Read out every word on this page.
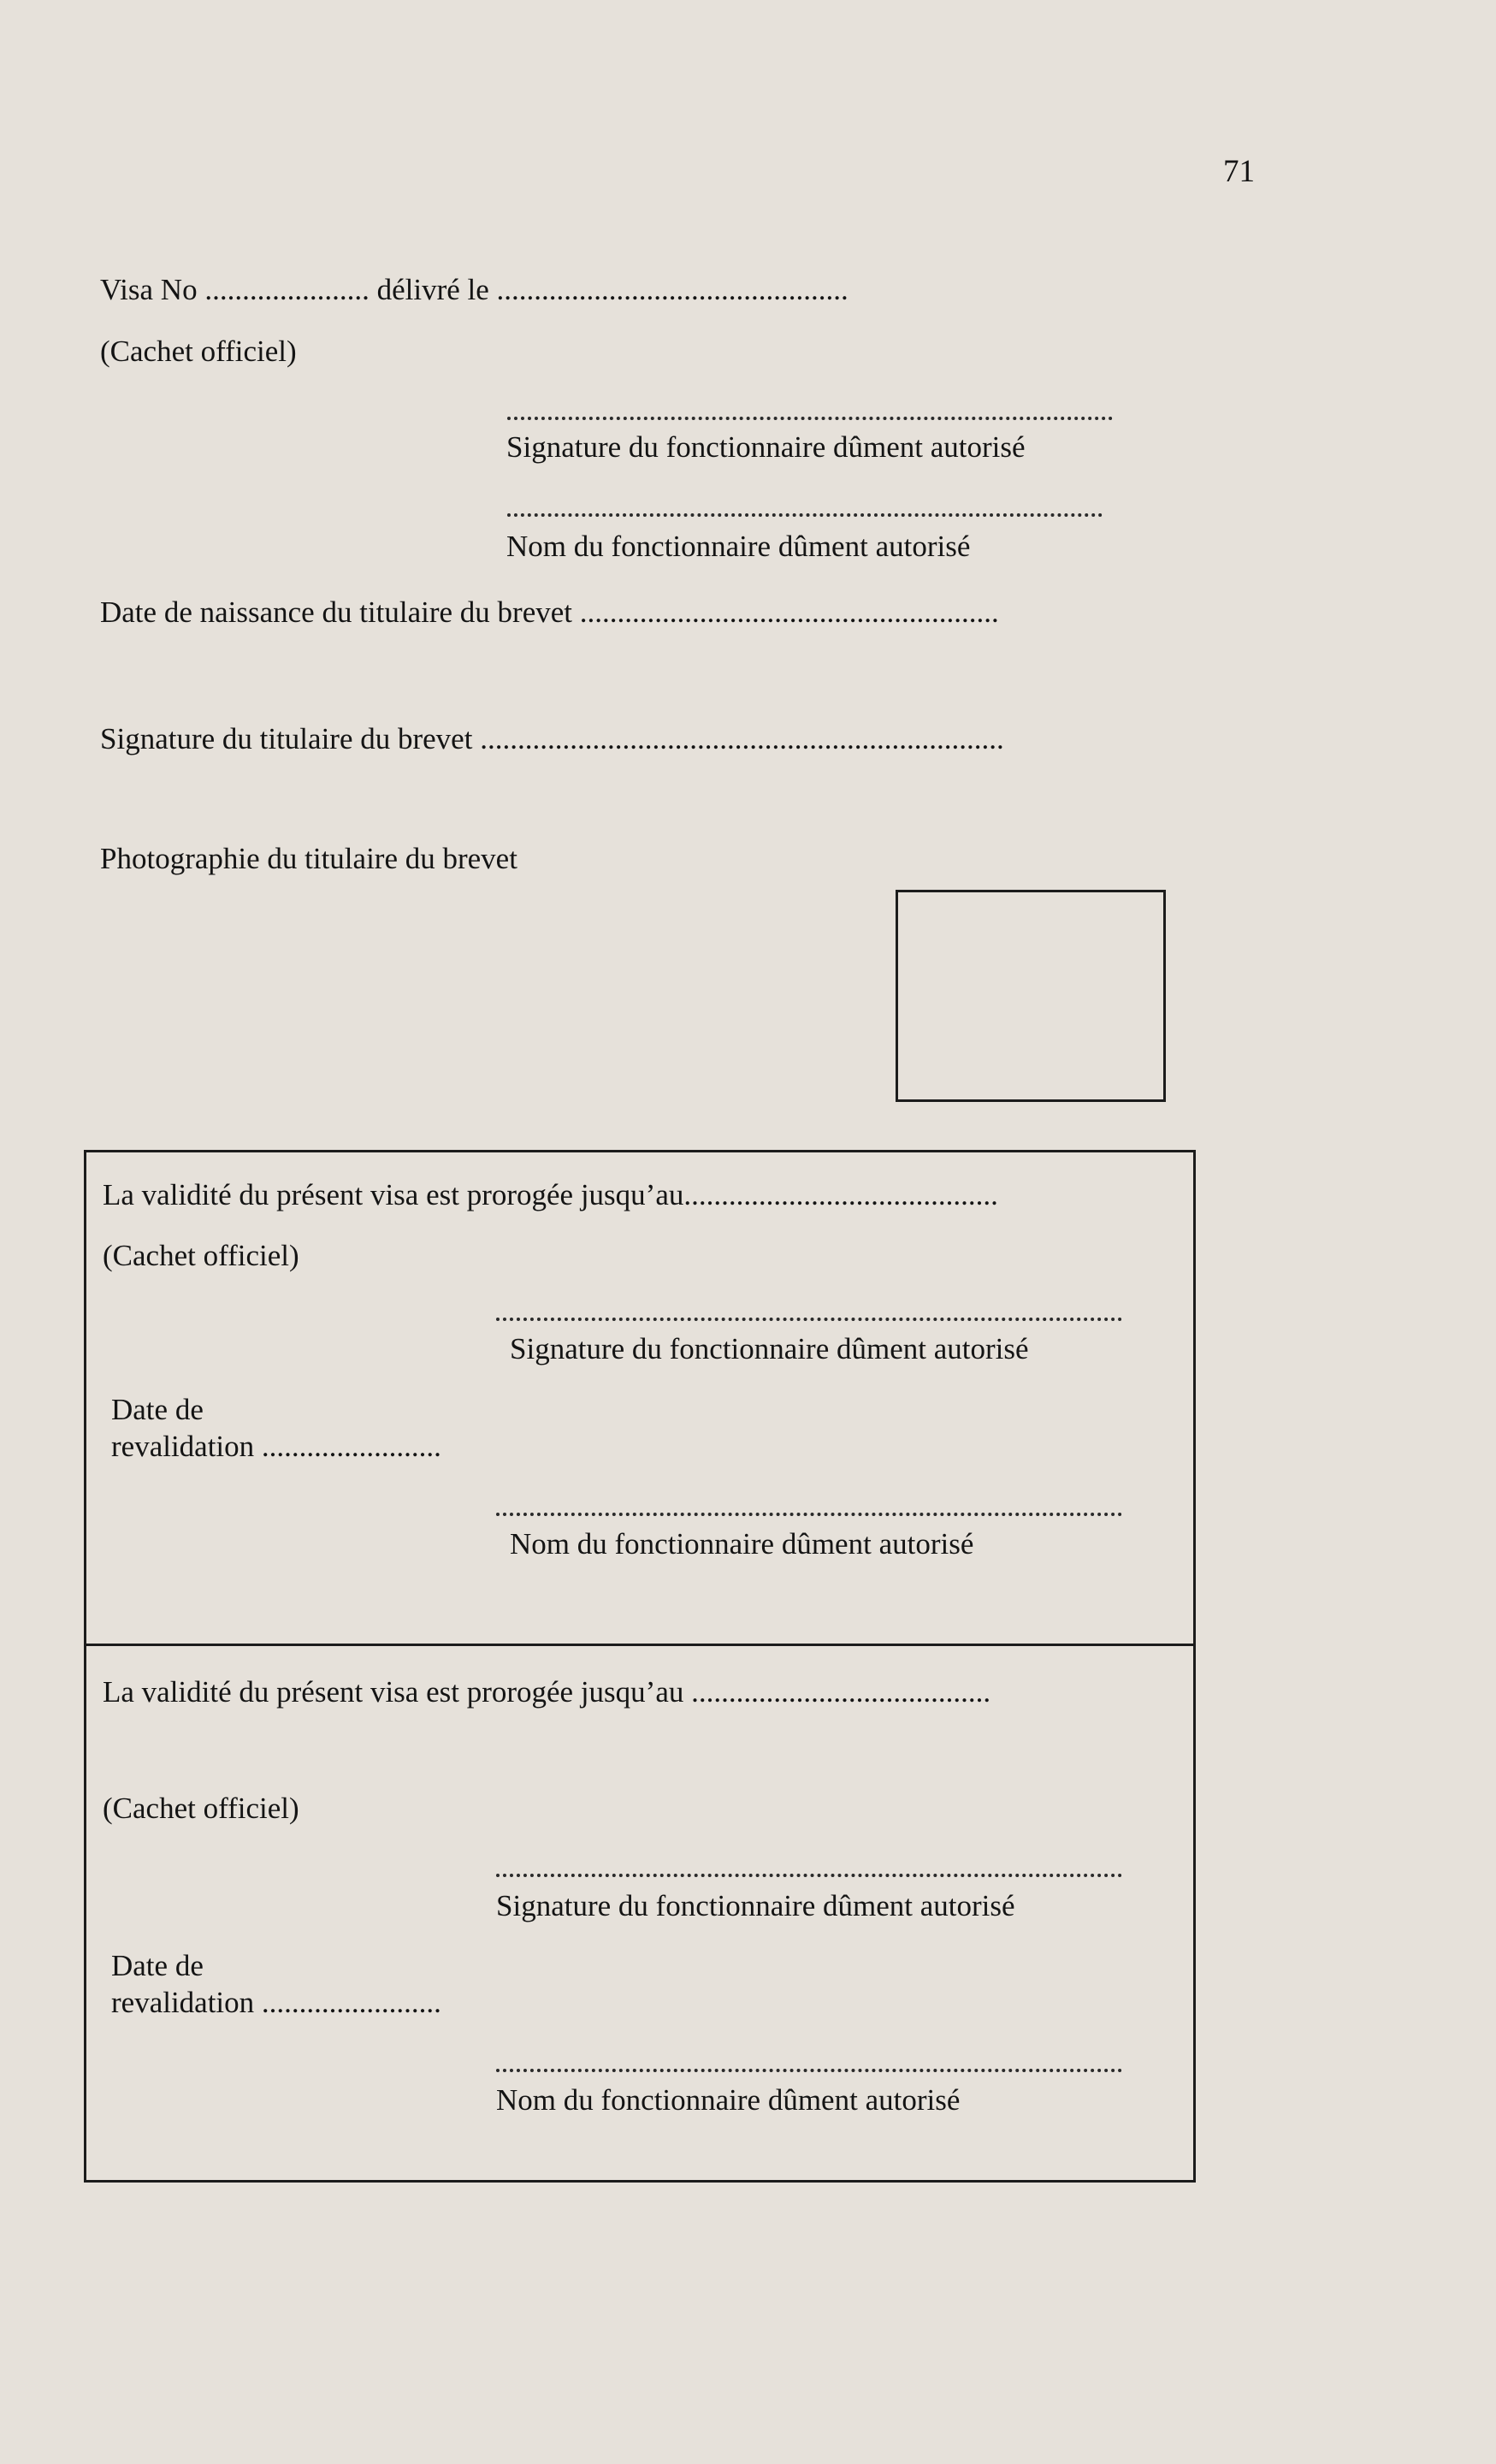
71
Visa No ...................... délivré le ...............................................
(Cachet officiel)
Signature du fonctionnaire dûment autorisé
Nom du fonctionnaire dûment autorisé
Date de naissance du titulaire du brevet ........................................................
Signature du titulaire du brevet ......................................................................
Photographie du titulaire du brevet
La validité du présent visa est prorogée jusqu’au..........................................
(Cachet officiel)
Signature du fonctionnaire dûment autorisé
Date de
revalidation ........................
Nom du fonctionnaire dûment autorisé
La validité du présent visa est prorogée jusqu’au ........................................
(Cachet officiel)
Signature du fonctionnaire dûment autorisé
Date de
revalidation ........................
Nom du fonctionnaire dûment autorisé
